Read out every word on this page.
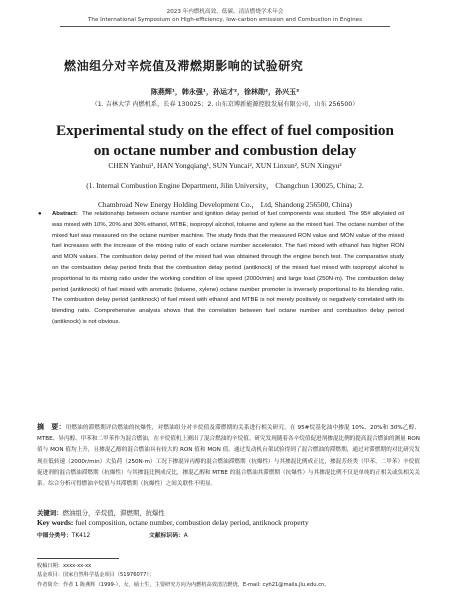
2023 年内燃机高效、低碳、清洁燃烧学术年会
The International Symposium on High-efficiency, low-carbon emission and Combustion in Engines
燃油组分对辛烷值及滞燃期影响的试验研究
陈燕辉¹，韩永强¹，孙运才²，徐林勋²，孙兴玉²
（1. 吉林大学 内燃机系，长春 130025；2. 山东京博新能源控股发展有限公司，山东 256500）
Experimental study on the effect of fuel composition
on octane number and combustion delay
CHEN Yanhui¹, HAN Yongqiang¹, SUN Yuncai², XUN Linxun², SUN Xingyu²
(1. Internal Combustion Engine Department, Jilin University， Changchun 130025, China; 2.
Chambroad New Energy Holding Development Co.， Ltd, Shandong 256500, China)
● Abstract: The relationship between octane number and ignition delay period of fuel components was studied. The 95# alkylated oil was mixed with 10%, 20% and 30% ethanol, MTBE, isopropyl alcohol, toluene and xylene as the mixed fuel. The octane number of the mixed fuel was measured on the octane number machine. The study finds that the measured RON value and MON value of the mixed fuel increases with the increase of the mixing ratio of each octane number accelerator. The fuel mixed with ethanol has higher RON and MON values. The combustion delay period of the mixed fuel was obtained through the engine bench test. The comparative study on the combustion delay period finds that the combustion delay period (antiknock) of the mixed fuel mixed with isopropyl alcohol is proportional to its mixing ratio under the working condition of low speed (2000r/min) and large load (250N·m). The combustion delay period (antiknock) of fuel mixed with aromatic (toluene, xylene) octane number promoter is inversely proportional to its blending ratio. The combustion delay period (antiknock) of fuel mixed with ethanol and MTBE is not merely positively or negatively correlated with its blending ratio. Comprehensive analysis shows that the correlation between fuel octane number and combustion delay period (antiknock) is not obvious.
摘　要：用燃油的滞燃期评估燃油的抗爆性，对燃油组分对辛烷值及滞燃期的关系进行相关研究。在 95#烷基化油中掺混 10%、20%和 30%乙醇、MTBE、异丙醇、甲苯和二甲苯作为混合燃油，在辛烷值机上测出了混合燃油的辛烷值。研究发现随着各辛烷值促进剂掺混比例的提高混合燃油的测量 RON 值与 MON 值均上升，且掺混乙醇的混合燃油具有较大的 RON 值和 MON 值。通过发动机台架试验得到了混合燃油的滞燃期，通过对滞燃期的对比研究发现在低转速（2000r/min）大负荷（250N·m）工况下掺混异丙醇的混合燃油滞燃期（抗爆性）与其掺混比例成正比，掺混芳烃类（甲苯、二甲苯）辛烷值促进剂的混合燃油滞燃期（抗爆性）与其掺混比例成反比，掺混乙醇和 MTBE 的混合燃油其滞燃期（抗爆性）与其掺混比例不仅是单纯的正相关或负相关关系。综合分析可得燃油辛烷值与其滞燃期（抗爆性）之间关联性不明显。
关键词：燃油组分，辛烷值，滞燃期，抗爆性
Key words: fuel composition, octane number, combustion delay period, antiknock property
中图分类号：TK412	文献标识码：A
收稿日期：xxxx-xx-xx
基金项目：国家自然科学基金项目（51976077）；
作者简介：作者 1 陈燕辉（1999-），女，硕士生，主要研究方向为内燃机高效清洁燃烧，E-mail: cyh21@mails.jlu.edu.cn。
